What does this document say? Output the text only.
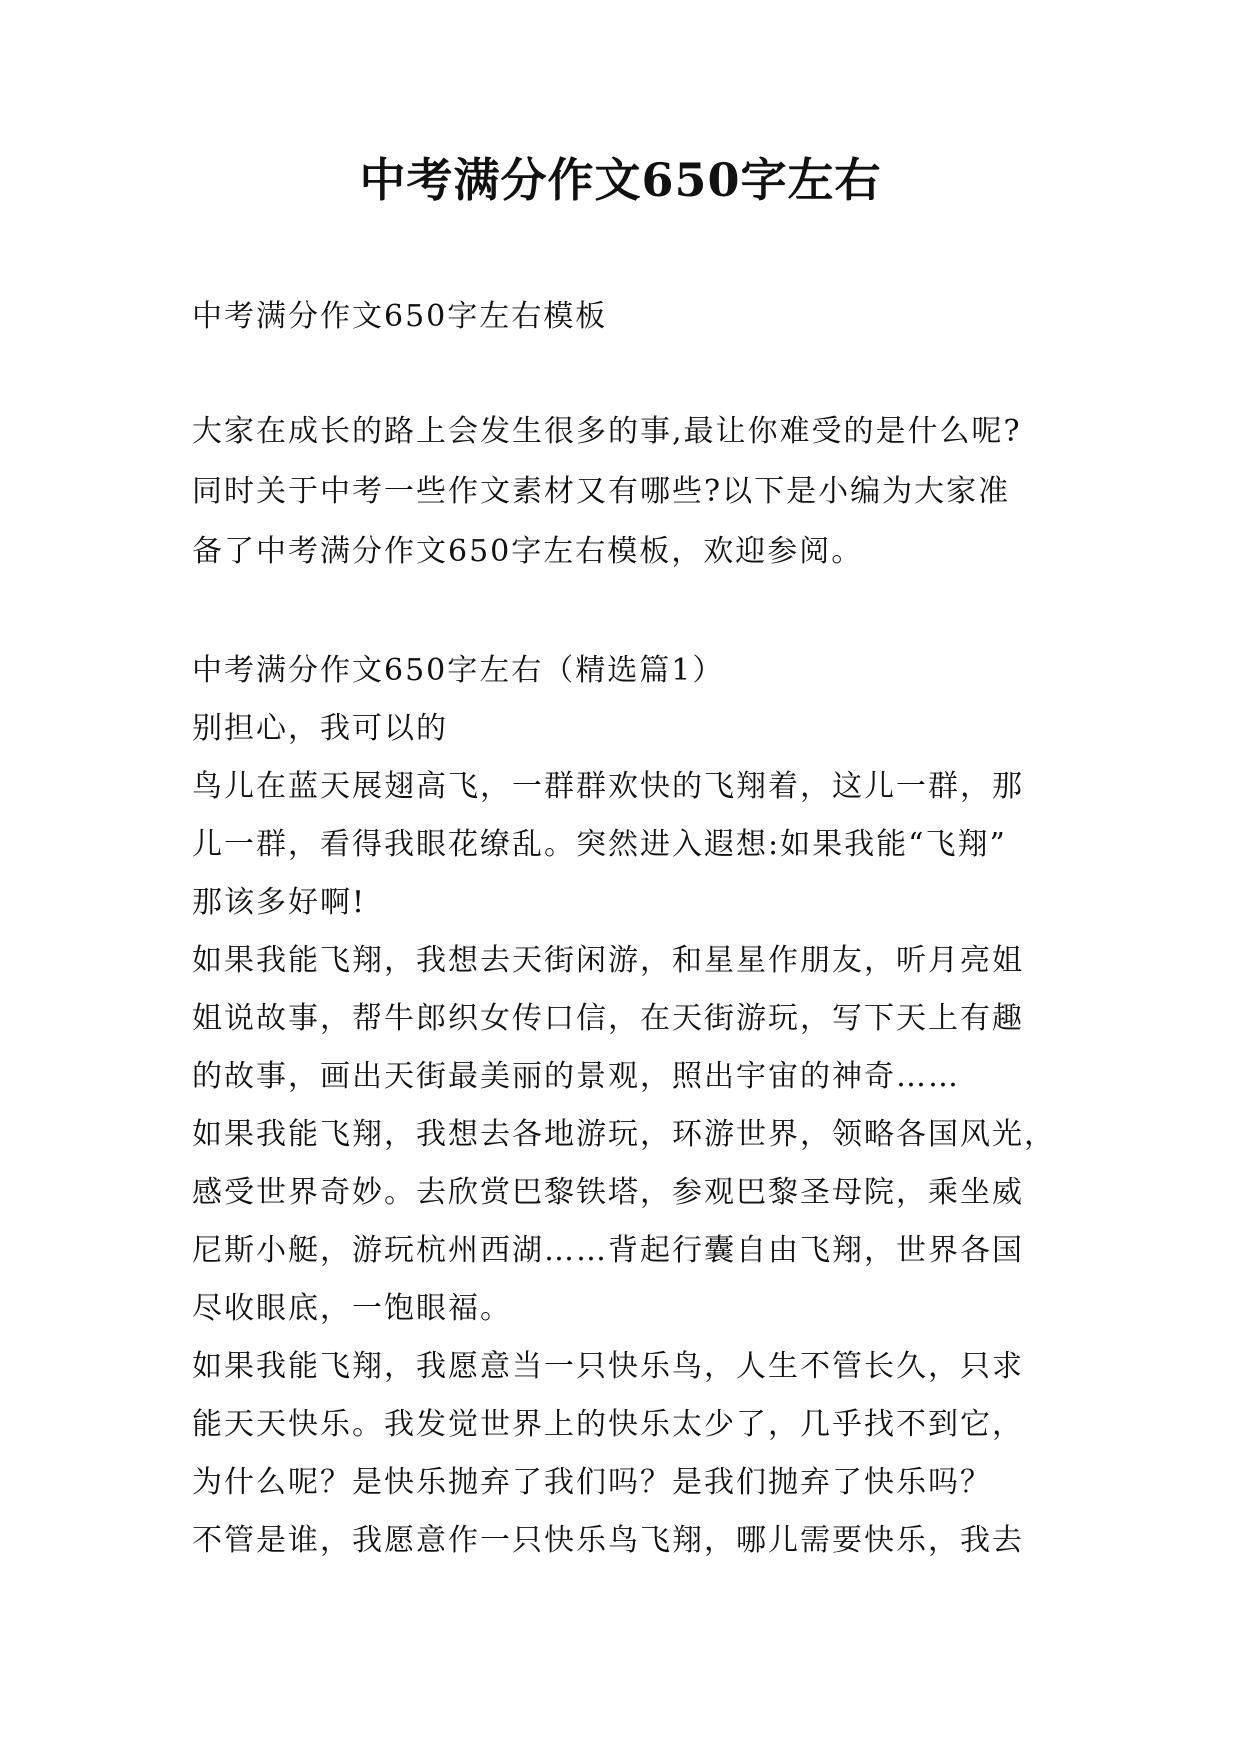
中考满分作文650字左右
中考满分作文650字左右模板
大家在成长的路上会发生很多的事,最让你难受的是什么呢?
同时关于中考一些作文素材又有哪些?以下是小编为大家准
备了中考满分作文650字左右模板，欢迎参阅。
中考满分作文650字左右（精选篇1）
别担心，我可以的
鸟儿在蓝天展翅高飞，一群群欢快的飞翔着，这儿一群，那
儿一群，看得我眼花缭乱。突然进入遐想:如果我能“飞翔”
那该多好啊!
如果我能飞翔，我想去天街闲游，和星星作朋友，听月亮姐
姐说故事，帮牛郎织女传口信，在天街游玩，写下天上有趣
的故事，画出天街最美丽的景观，照出宇宙的神奇……
如果我能飞翔，我想去各地游玩，环游世界，领略各国风光，
感受世界奇妙。去欣赏巴黎铁塔，参观巴黎圣母院，乘坐威
尼斯小艇，游玩杭州西湖……背起行囊自由飞翔，世界各国
尽收眼底，一饱眼福。
如果我能飞翔，我愿意当一只快乐鸟，人生不管长久，只求
能天天快乐。我发觉世界上的快乐太少了，几乎找不到它，
为什么呢？是快乐抛弃了我们吗？是我们抛弃了快乐吗？
不管是谁，我愿意作一只快乐鸟飞翔，哪儿需要快乐，我去
